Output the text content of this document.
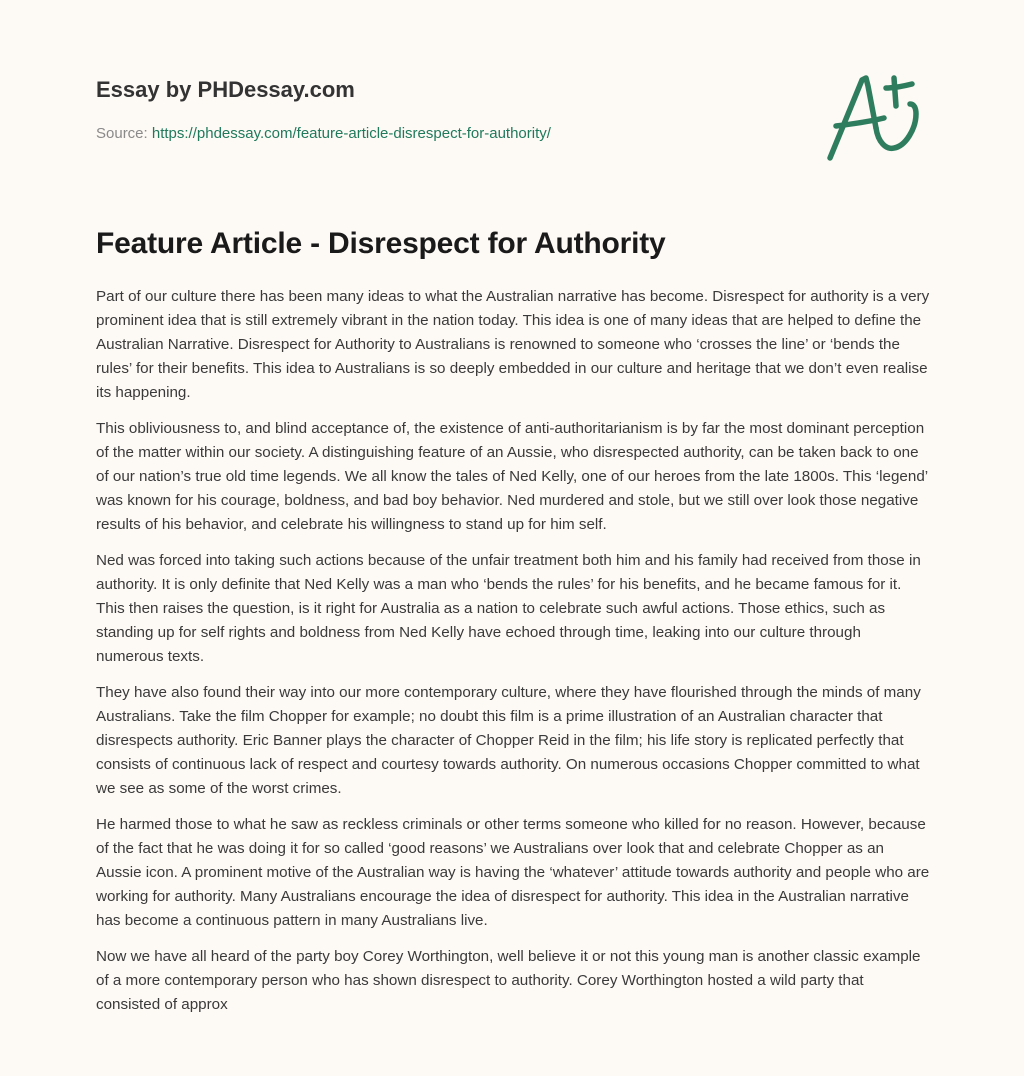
Essay by PHDessay.com
Source: https://phdessay.com/feature-article-disrespect-for-authority/
Feature Article - Disrespect for Authority

Part of our culture there has been many ideas to what the Australian narrative has become. Disrespect for authority is a very prominent idea that is still extremely vibrant in the nation today. This idea is one of many ideas that are helped to define the Australian Narrative. Disrespect for Authority to Australians is renowned to someone who ‘crosses the line’ or ‘bends the rules’ for their benefits. This idea to Australians is so deeply embedded in our culture and heritage that we don’t even realise its happening.

This obliviousness to, and blind acceptance of, the existence of anti-authoritarianism is by far the most dominant perception of the matter within our society. A distinguishing feature of an Aussie, who disrespected authority, can be taken back to one of our nation’s true old time legends. We all know the tales of Ned Kelly, one of our heroes from the late 1800s. This ‘legend’ was known for his courage, boldness, and bad boy behavior. Ned murdered and stole, but we still over look those negative results of his behavior, and celebrate his willingness to stand up for him self.

Ned was forced into taking such actions because of the unfair treatment both him and his family had received from those in authority. It is only definite that Ned Kelly was a man who ‘bends the rules’ for his benefits, and he became famous for it. This then raises the question, is it right for Australia as a nation to celebrate such awful actions. Those ethics, such as standing up for self rights and boldness from Ned Kelly have echoed through time, leaking into our culture through numerous texts.

They have also found their way into our more contemporary culture, where they have flourished through the minds of many Australians. Take the film Chopper for example; no doubt this film is a prime illustration of an Australian character that disrespects authority. Eric Banner plays the character of Chopper Reid in the film; his life story is replicated perfectly that consists of continuous lack of respect and courtesy towards authority. On numerous occasions Chopper committed to what we see as some of the worst crimes.

He harmed those to what he saw as reckless criminals or other terms someone who killed for no reason. However, because of the fact that he was doing it for so called ‘good reasons’ we Australians over look that and celebrate Chopper as an Aussie icon. A prominent motive of the Australian way is having the ‘whatever’ attitude towards authority and people who are working for authority. Many Australians encourage the idea of disrespect for authority. This idea in the Australian narrative has become a continuous pattern in many Australians live.

Now we have all heard of the party boy Corey Worthington, well believe it or not this young man is another classic example of a more contemporary person who has shown disrespect to authority. Corey Worthington hosted a wild party that consisted of approx
